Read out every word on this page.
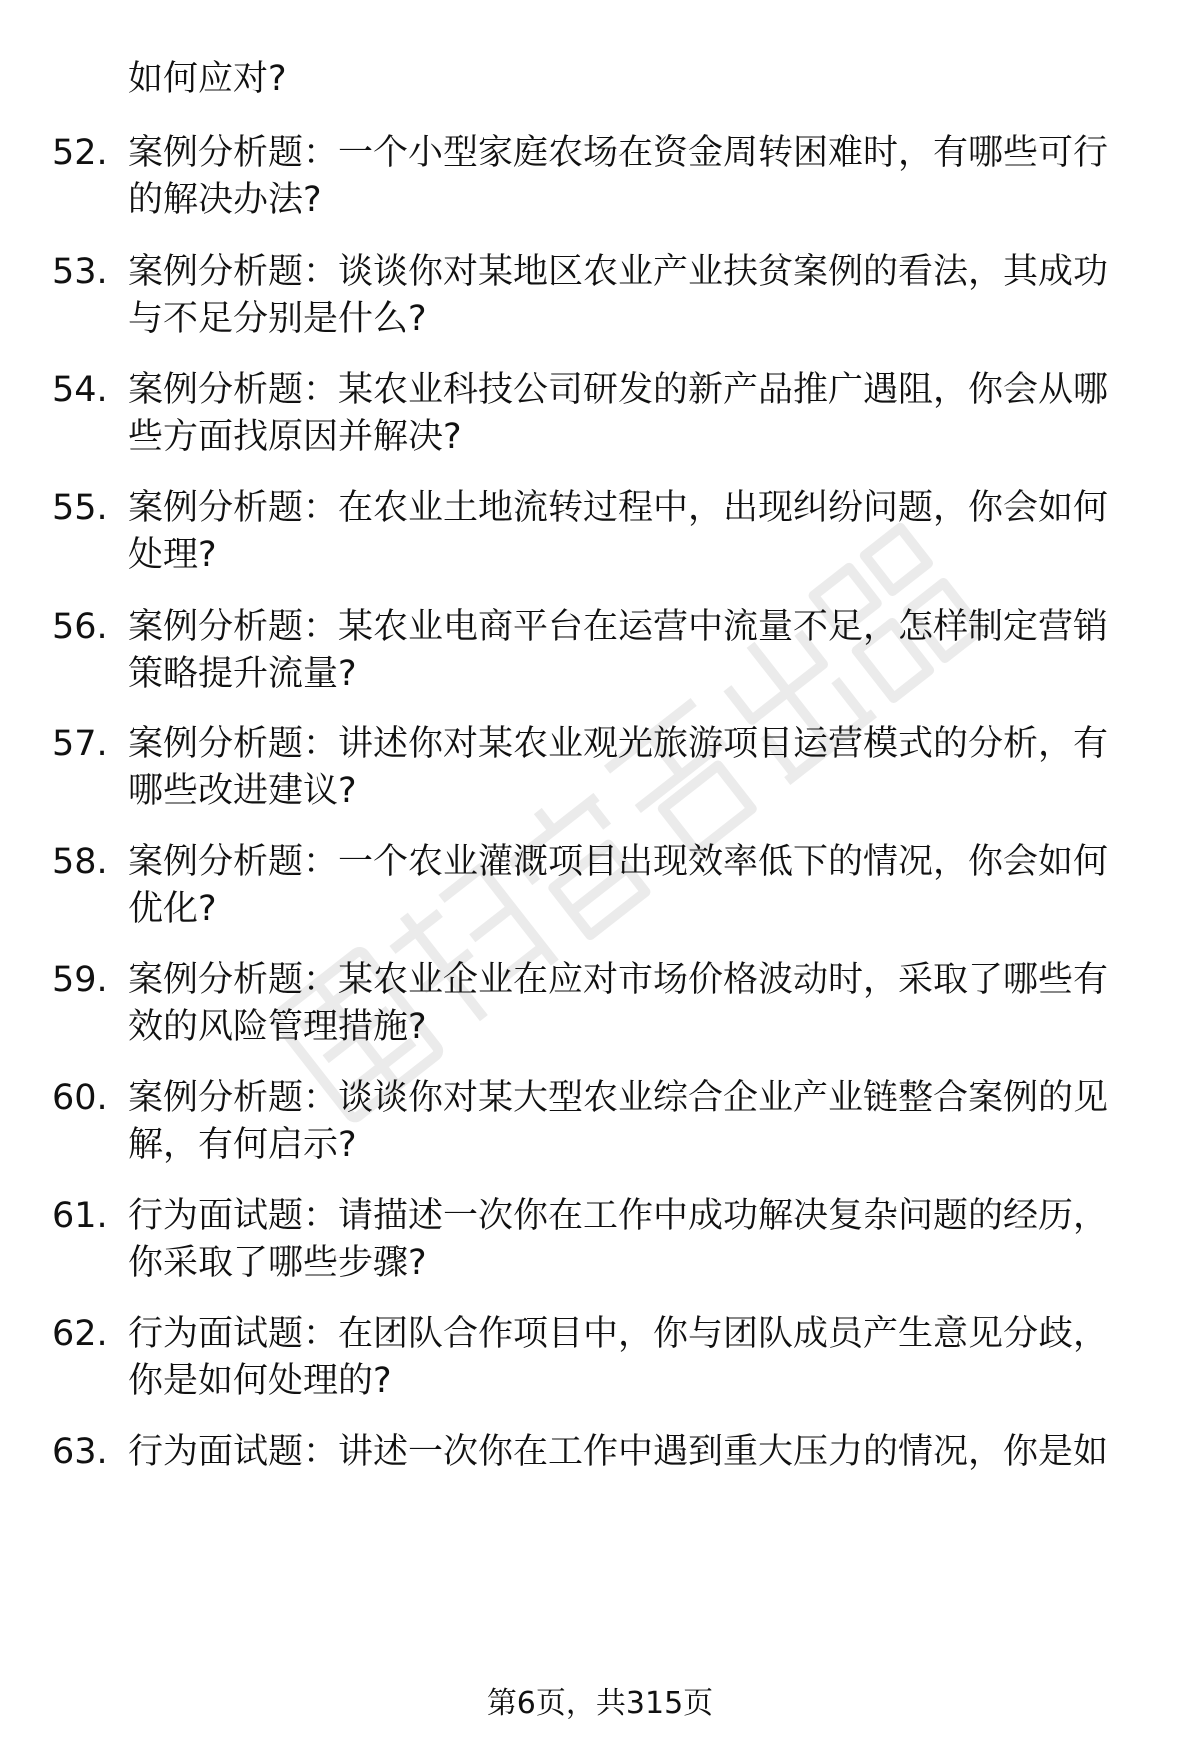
如何应对?
52. 案例分析题：一个小型家庭农场在资金周转困难时，有哪些可行
的解决办法?
53. 案例分析题：谈谈你对某地区农业产业扶贫案例的看法，其成功
与不足分别是什么?
54. 案例分析题：某农业科技公司研发的新产品推广遇阻，你会从哪
些方面找原因并解决?
55. 案例分析题：在农业土地流转过程中，出现纠纷问题，你会如何
处理?
56. 案例分析题：某农业电商平台在运营中流量不足，怎样制定营销
策略提升流量?
57. 案例分析题：讲述你对某农业观光旅游项目运营模式的分析，有
哪些改进建议?
58. 案例分析题：一个农业灌溉项目出现效率低下的情况，你会如何
优化?
59. 案例分析题：某农业企业在应对市场价格波动时，采取了哪些有
效的风险管理措施?
60. 案例分析题：谈谈你对某大型农业综合企业产业链整合案例的见
解，有何启示?
61. 行为面试题：请描述一次你在工作中成功解决复杂问题的经历，
你采取了哪些步骤?
62. 行为面试题：在团队合作项目中，你与团队成员产生意见分歧，
你是如何处理的?
63. 行为面试题：讲述一次你在工作中遇到重大压力的情况，你是如
第6页，共315页
